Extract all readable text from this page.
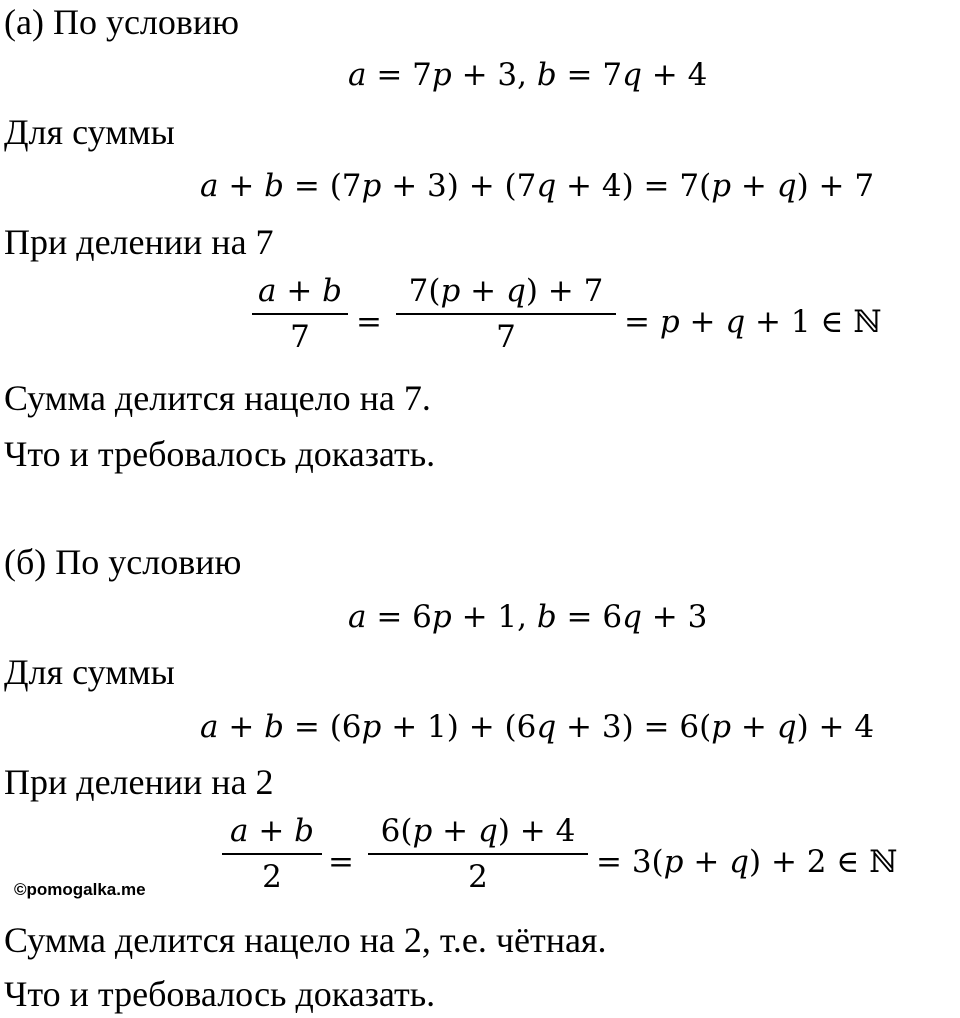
(а) По условию
𝑎 = 7𝑝 + 3, 𝑏 = 7𝑞 + 4
Для суммы
𝑎 + 𝑏 = (7𝑝 + 3) + (7𝑞 + 4) = 7(𝑝 + 𝑞) + 7
При делении на 7
𝑎 + 𝑏
7	=
7(𝑝 + 𝑞) + 7
7	= 𝑝 + 𝑞 + 1 ∈ ℕ
Сумма делится нацело на 7.
Что и требовалось доказать.
(б) По условию
𝑎 = 6𝑝 + 1, 𝑏 = 6𝑞 + 3
Для суммы
𝑎 + 𝑏 = (6𝑝 + 1) + (6𝑞 + 3) = 6(𝑝 + 𝑞) + 4
При делении на 2
𝑎 + 𝑏
2	=
6(𝑝 + 𝑞) + 4
2	= 3(𝑝 + 𝑞) + 2 ∈ ℕ
©pomogalka.me
Сумма делится нацело на 2, т.е. чётная.
Что и требовалось доказать.
